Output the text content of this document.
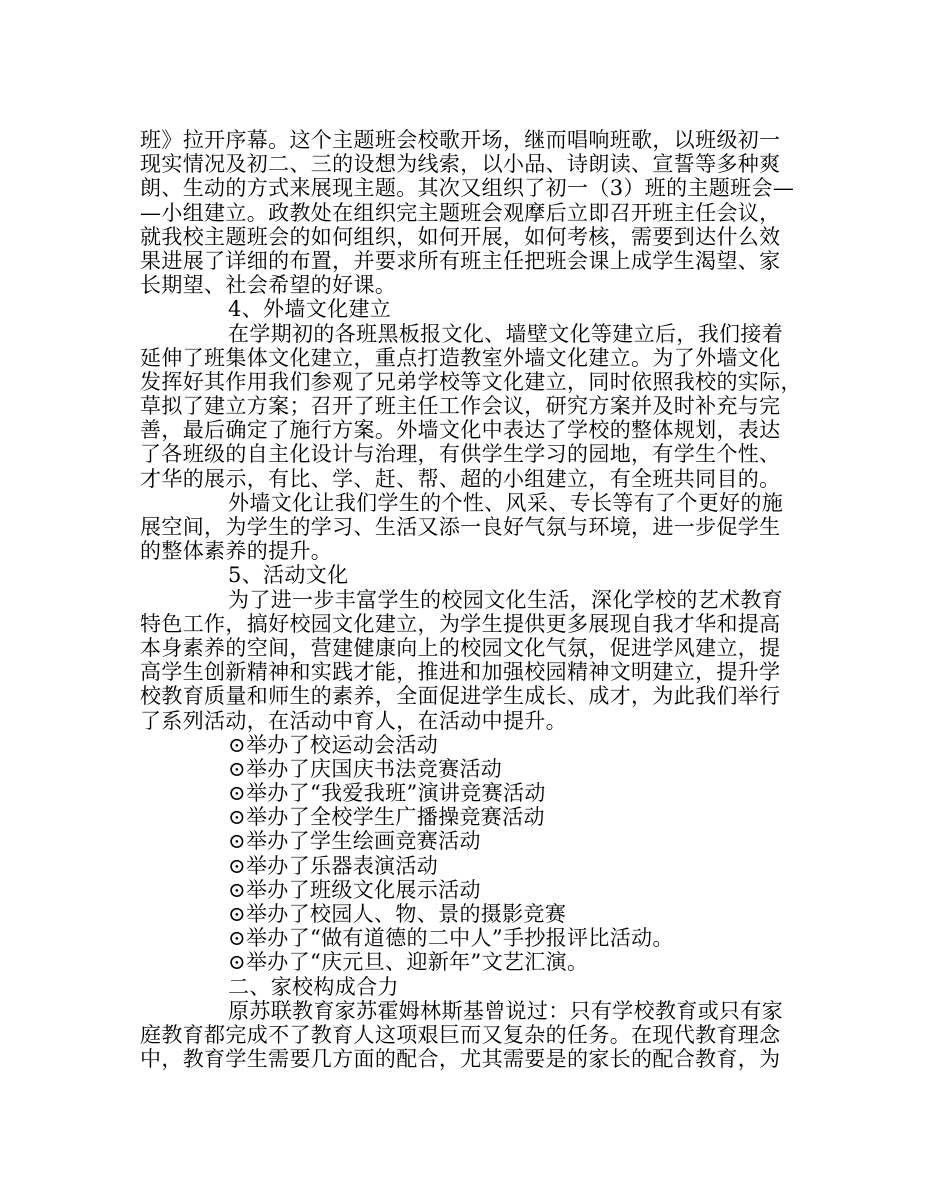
班》拉开序幕。这个主题班会校歌开场，继而唱响班歌，以班级初一
现实情况及初二、三的设想为线索，以小品、诗朗读、宣誓等多种爽
朗、生动的方式来展现主题。其次又组织了初一（3）班的主题班会—
—小组建立。政教处在组织完主题班会观摩后立即召开班主任会议，
就我校主题班会的如何组织，如何开展，如何考核，需要到达什么效
果进展了详细的布置，并要求所有班主任把班会课上成学生渴望、家
长期望、社会希望的好课。
4、外墙文化建立
在学期初的各班黑板报文化、墙壁文化等建立后，我们接着
延伸了班集体文化建立，重点打造教室外墙文化建立。为了外墙文化
发挥好其作用我们参观了兄弟学校等文化建立，同时依照我校的实际，
草拟了建立方案；召开了班主任工作会议，研究方案并及时补充与完
善，最后确定了施行方案。外墙文化中表达了学校的整体规划，表达
了各班级的自主化设计与治理，有供学生学习的园地，有学生个性、
才华的展示，有比、学、赶、帮、超的小组建立，有全班共同目的。
外墙文化让我们学生的个性、风采、专长等有了个更好的施
展空间，为学生的学习、生活又添一良好气氛与环境，进一步促学生
的整体素养的提升。
5、活动文化
为了进一步丰富学生的校园文化生活，深化学校的艺术教育
特色工作，搞好校园文化建立，为学生提供更多展现自我才华和提高
本身素养的空间，营建健康向上的校园文化气氛，促进学风建立，提
高学生创新精神和实践才能，推进和加强校园精神文明建立，提升学
校教育质量和师生的素养，全面促进学生成长、成才，为此我们举行
了系列活动，在活动中育人，在活动中提升。
⊙举办了校运动会活动
⊙举办了庆国庆书法竞赛活动
⊙举办了“我爱我班”演讲竞赛活动
⊙举办了全校学生广播操竞赛活动
⊙举办了学生绘画竞赛活动
⊙举办了乐器表演活动
⊙举办了班级文化展示活动
⊙举办了校园人、物、景的摄影竞赛
⊙举办了“做有道德的二中人”手抄报评比活动。
⊙举办了“庆元旦、迎新年”文艺汇演。
二、家校构成合力
原苏联教育家苏霍姆林斯基曾说过：只有学校教育或只有家
庭教育都完成不了教育人这项艰巨而又复杂的任务。在现代教育理念
中，教育学生需要几方面的配合，尤其需要是的家长的配合教育，为
